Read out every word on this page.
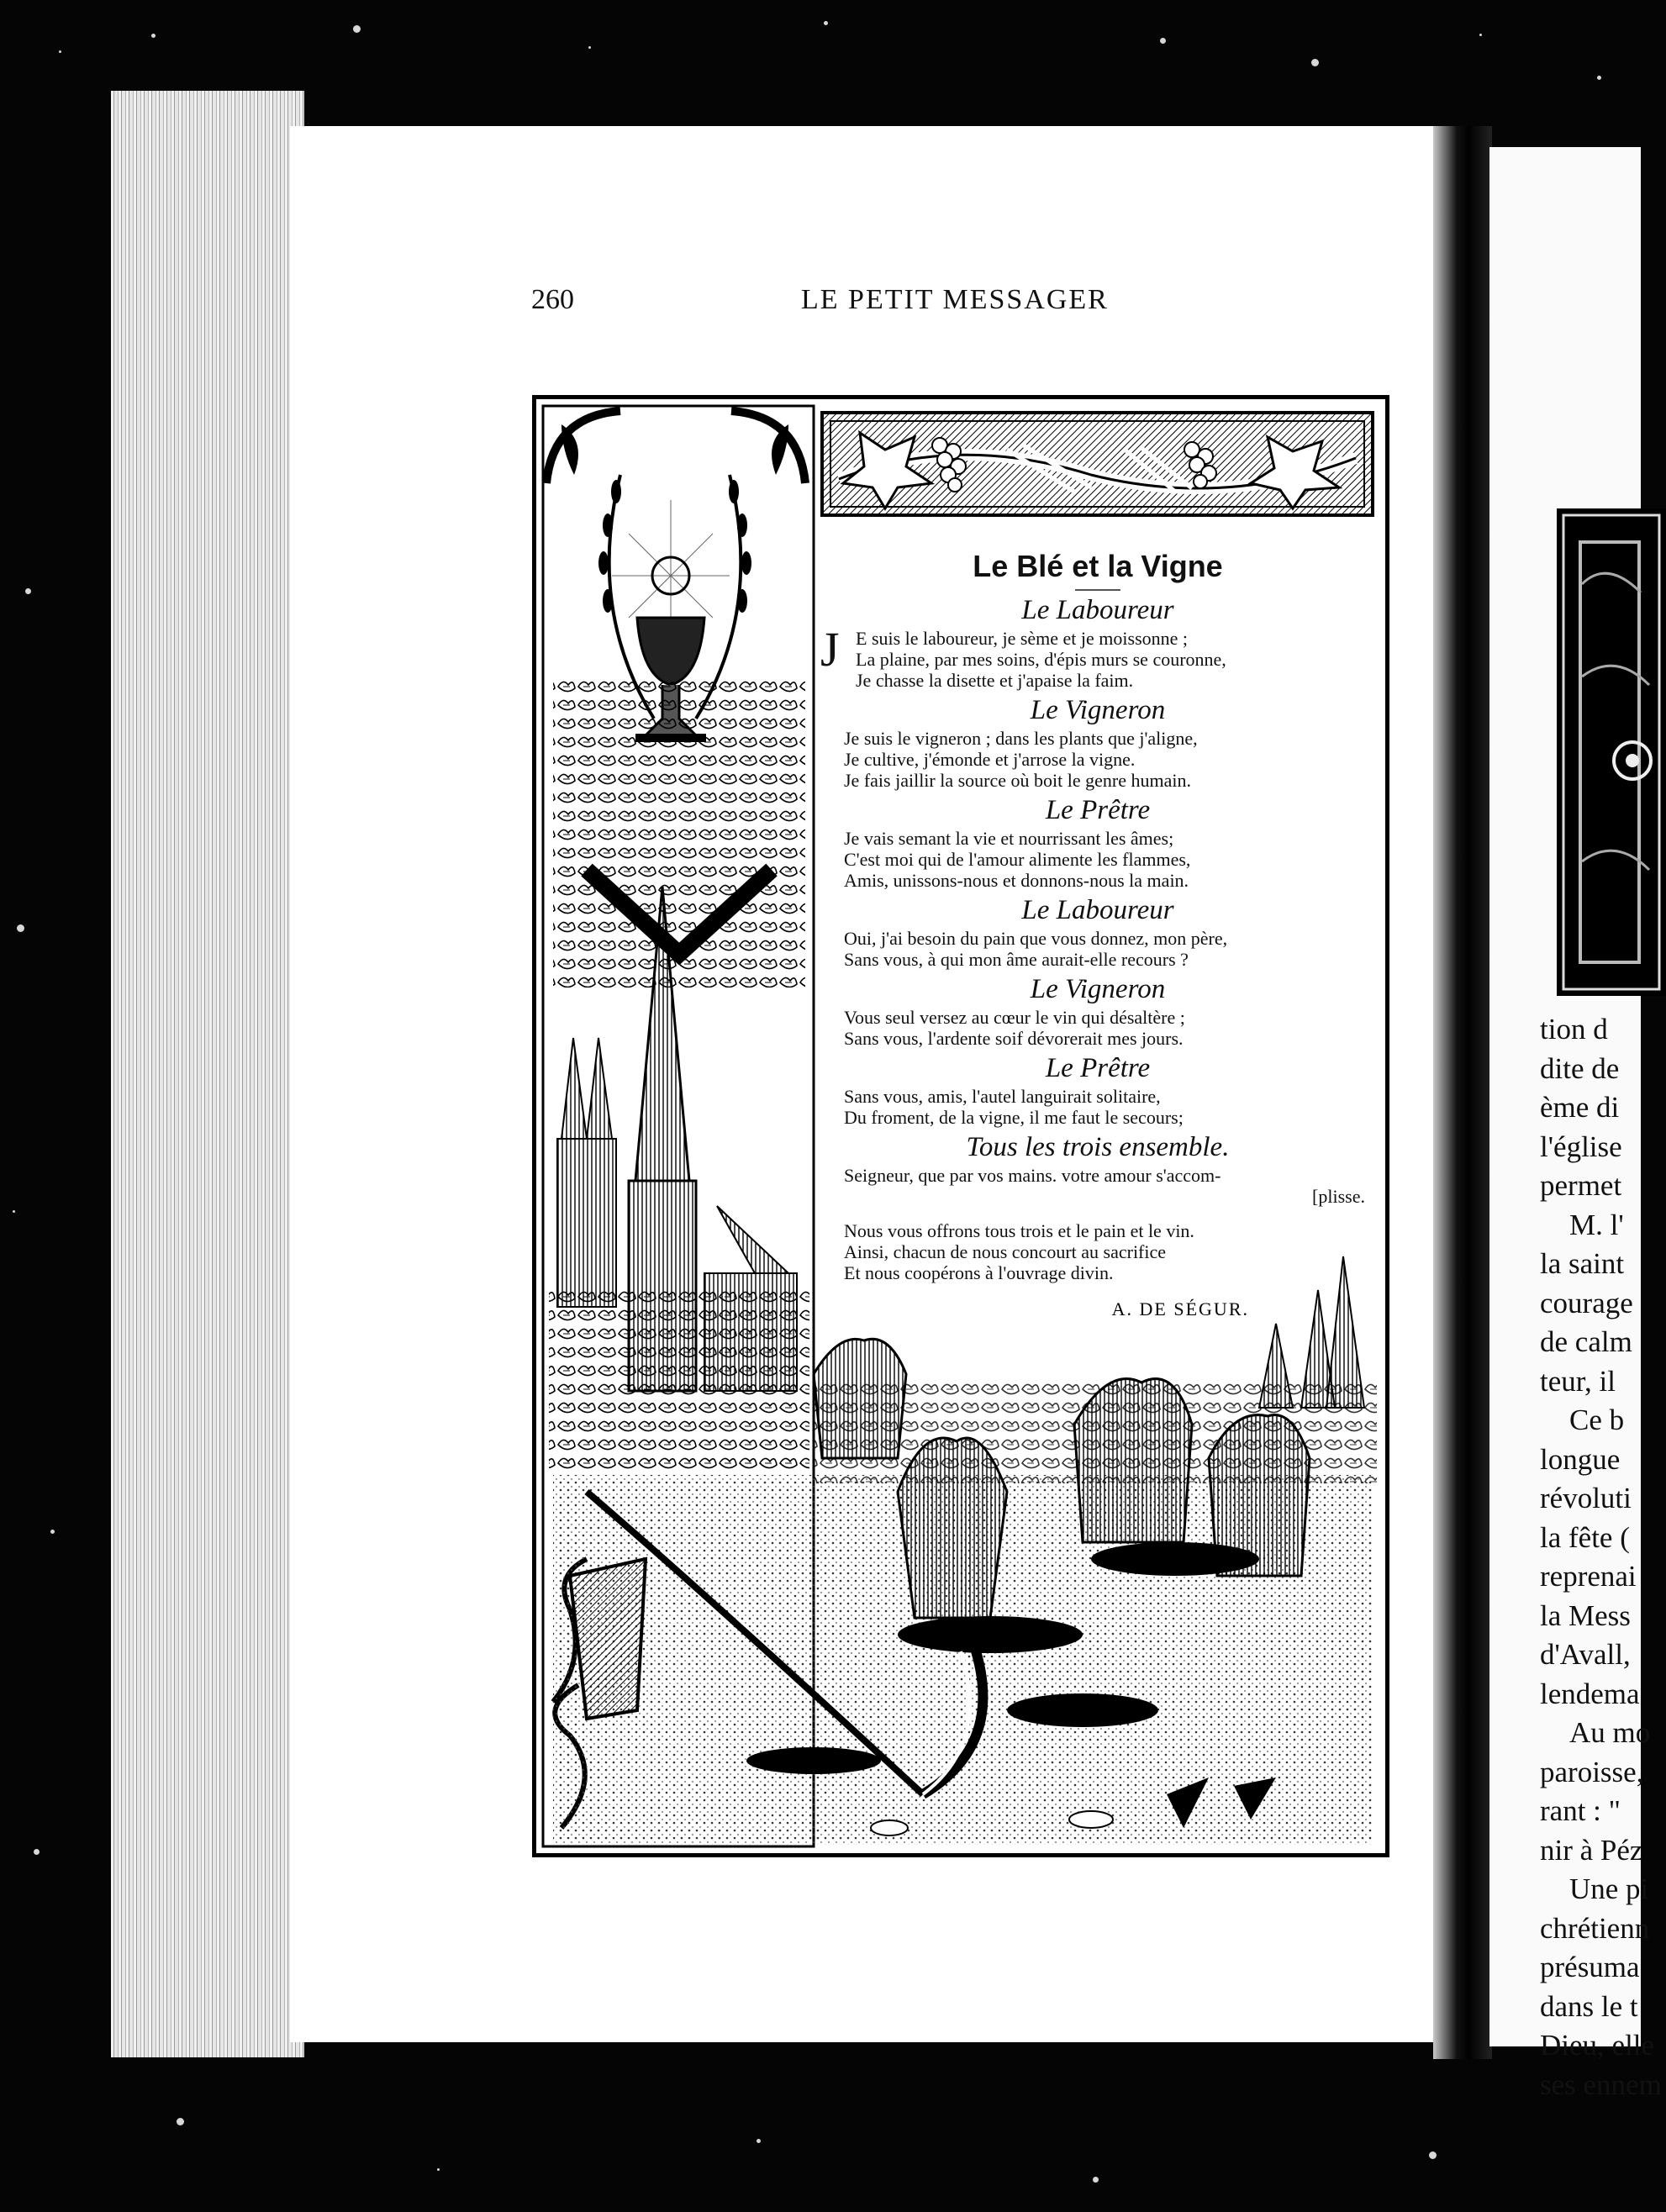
tion d
dite de
ème di
l'église
permet
M. l'
la saint
courage
de calm
teur, il
Ce b
longue
révoluti
la fête (
reprenai
la Mess
d'Avall,
lendema
Au mo
paroisse,
rant : "
nir à Péz
Une pi
chrétienn
présuma
dans le t
Dieu, elle
ses ennem
260	LE PETIT MESSAGER
Le Blé et la Vigne
Le Laboureur
J E suis le laboureur, je sème et je moissonne ;
La plaine, par mes soins, d'épis murs se couronne,
Je chasse la disette et j'apaise la faim.
Le Vigneron
Je suis le vigneron ; dans les plants que j'aligne,
Je cultive, j'émonde et j'arrose la vigne.
Je fais jaillir la source où boit le genre humain.
Le Prêtre
Je vais semant la vie et nourrissant les âmes;
C'est moi qui de l'amour alimente les flammes,
Amis, unissons-nous et donnons-nous la main.
Le Laboureur
Oui, j'ai besoin du pain que vous donnez, mon père,
Sans vous, à qui mon âme aurait-elle recours ?
Le Vigneron
Vous seul versez au cœur le vin qui désaltère ;
Sans vous, l'ardente soif dévorerait mes jours.
Le Prêtre
Sans vous, amis, l'autel languirait solitaire,
Du froment, de la vigne, il me faut le secours;
Tous les trois ensemble.
Seigneur, que par vos mains. votre amour s'accom-
[plisse.
Nous vous offrons tous trois et le pain et le vin.
Ainsi, chacun de nous concourt au sacrifice
Et nous coopérons à l'ouvrage divin.
A. DE SÉGUR.
